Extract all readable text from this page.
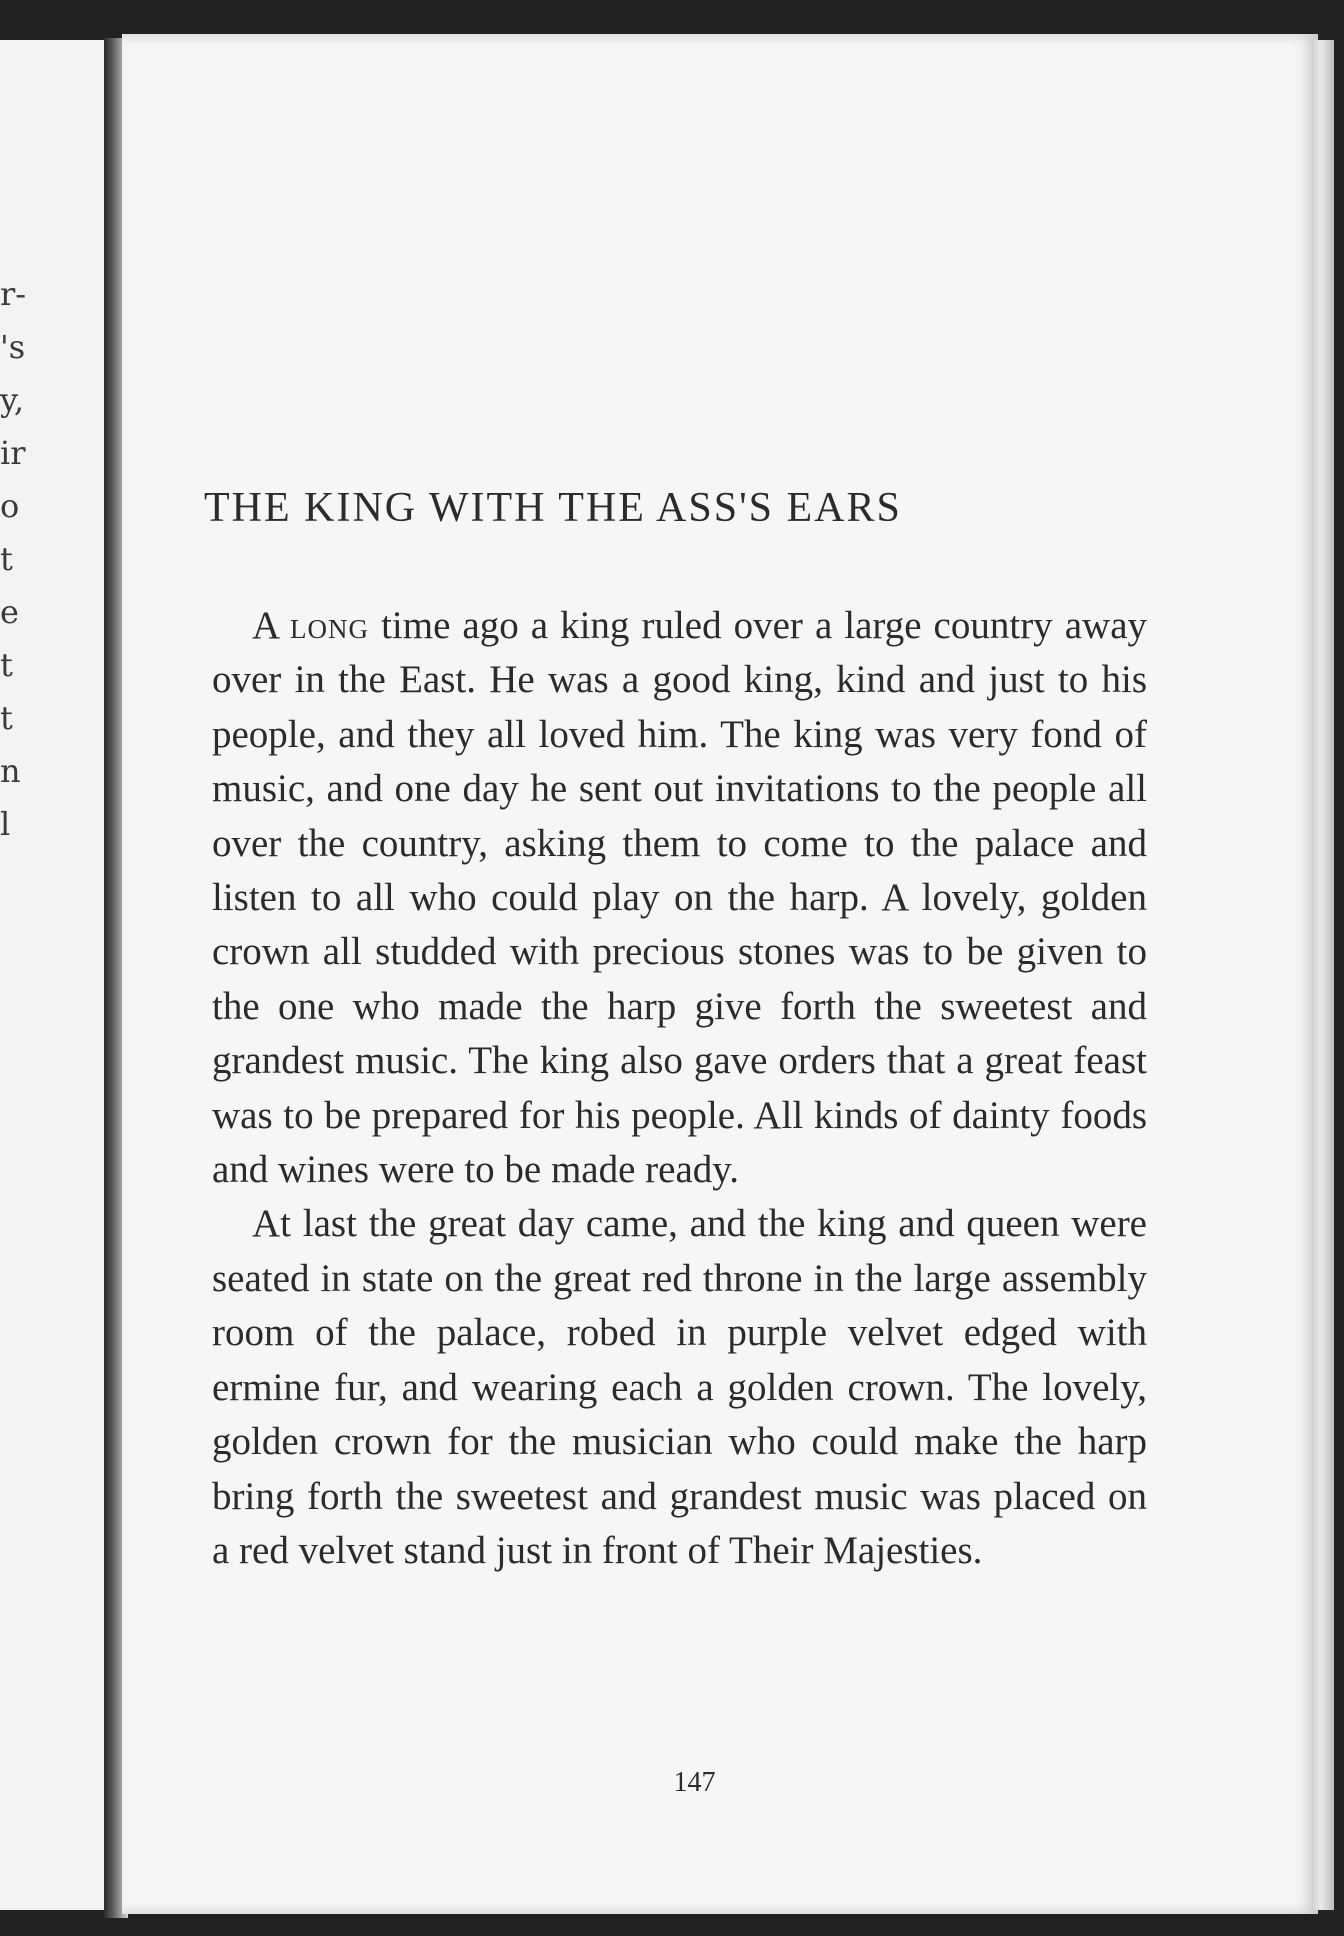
r-
's
y,
ir
o
t
e
t
t
n
l
THE KING WITH THE ASS'S EARS

A long time ago a king ruled over a large country away over in the East. He was a good king, kind and just to his people, and they all loved him. The king was very fond of music, and one day he sent out invitations to the people all over the country, asking them to come to the palace and listen to all who could play on the harp. A lovely, golden crown all studded with precious stones was to be given to the one who made the harp give forth the sweetest and grandest music. The king also gave orders that a great feast was to be prepared for his people. All kinds of dainty foods and wines were to be made ready.

At last the great day came, and the king and queen were seated in state on the great red throne in the large assembly room of the palace, robed in purple velvet edged with ermine fur, and wearing each a golden crown. The lovely, golden crown for the musician who could make the harp bring forth the sweetest and grandest music was placed on a red velvet stand just in front of Their Majesties.

147
